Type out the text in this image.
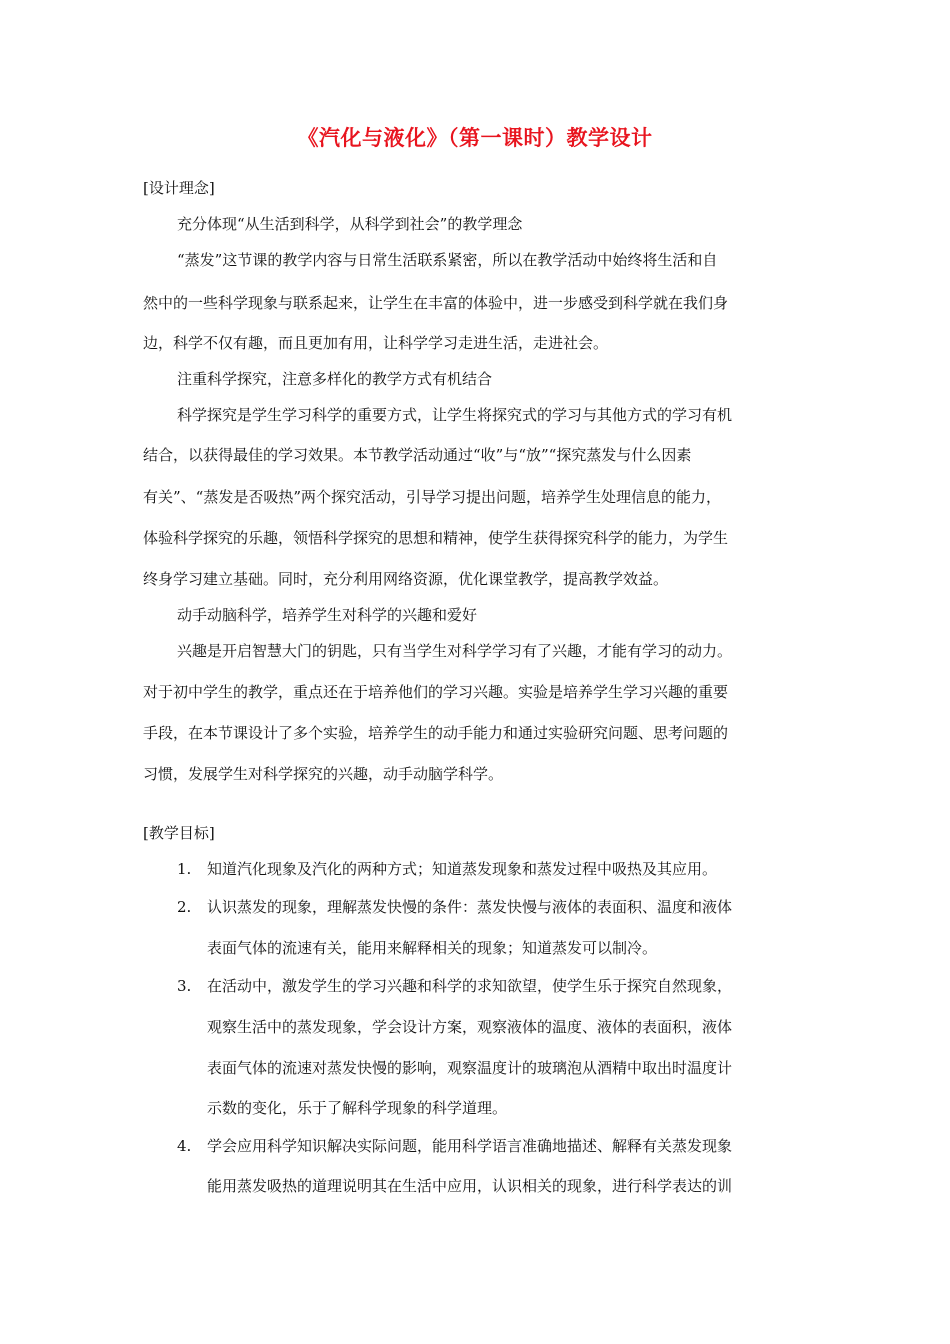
《汽化与液化》（第一课时）教学设计
[设计理念]
充分体现“从生活到科学，从科学到社会”的教学理念
“蒸发”这节课的教学内容与日常生活联系紧密，所以在教学活动中始终将生活和自
然中的一些科学现象与联系起来，让学生在丰富的体验中，进一步感受到科学就在我们身
边，科学不仅有趣，而且更加有用，让科学学习走进生活，走进社会。
注重科学探究，注意多样化的教学方式有机结合
科学探究是学生学习科学的重要方式，让学生将探究式的学习与其他方式的学习有机
结合，以获得最佳的学习效果。本节教学活动通过“收”与“放”“探究蒸发与什么因素
有关”、“蒸发是否吸热”两个探究活动，引导学习提出问题，培养学生处理信息的能力，
体验科学探究的乐趣，领悟科学探究的思想和精神，使学生获得探究科学的能力，为学生
终身学习建立基础。同时，充分利用网络资源，优化课堂教学，提高教学效益。
动手动脑科学，培养学生对科学的兴趣和爱好
兴趣是开启智慧大门的钥匙，只有当学生对科学学习有了兴趣，才能有学习的动力。
对于初中学生的教学，重点还在于培养他们的学习兴趣。实验是培养学生学习兴趣的重要
手段，在本节课设计了多个实验，培养学生的动手能力和通过实验研究问题、思考问题的
习惯，发展学生对科学探究的兴趣，动手动脑学科学。
[教学目标]
1. 知道汽化现象及汽化的两种方式；知道蒸发现象和蒸发过程中吸热及其应用。
2. 认识蒸发的现象，理解蒸发快慢的条件：蒸发快慢与液体的表面积、温度和液体
表面气体的流速有关，能用来解释相关的现象；知道蒸发可以制冷。
3. 在活动中，激发学生的学习兴趣和科学的求知欲望，使学生乐于探究自然现象，
观察生活中的蒸发现象，学会设计方案，观察液体的温度、液体的表面积，液体
表面气体的流速对蒸发快慢的影响，观察温度计的玻璃泡从酒精中取出时温度计
示数的变化，乐于了解科学现象的科学道理。
4. 学会应用科学知识解决实际问题，能用科学语言准确地描述、解释有关蒸发现象
能用蒸发吸热的道理说明其在生活中应用，认识相关的现象，进行科学表达的训
